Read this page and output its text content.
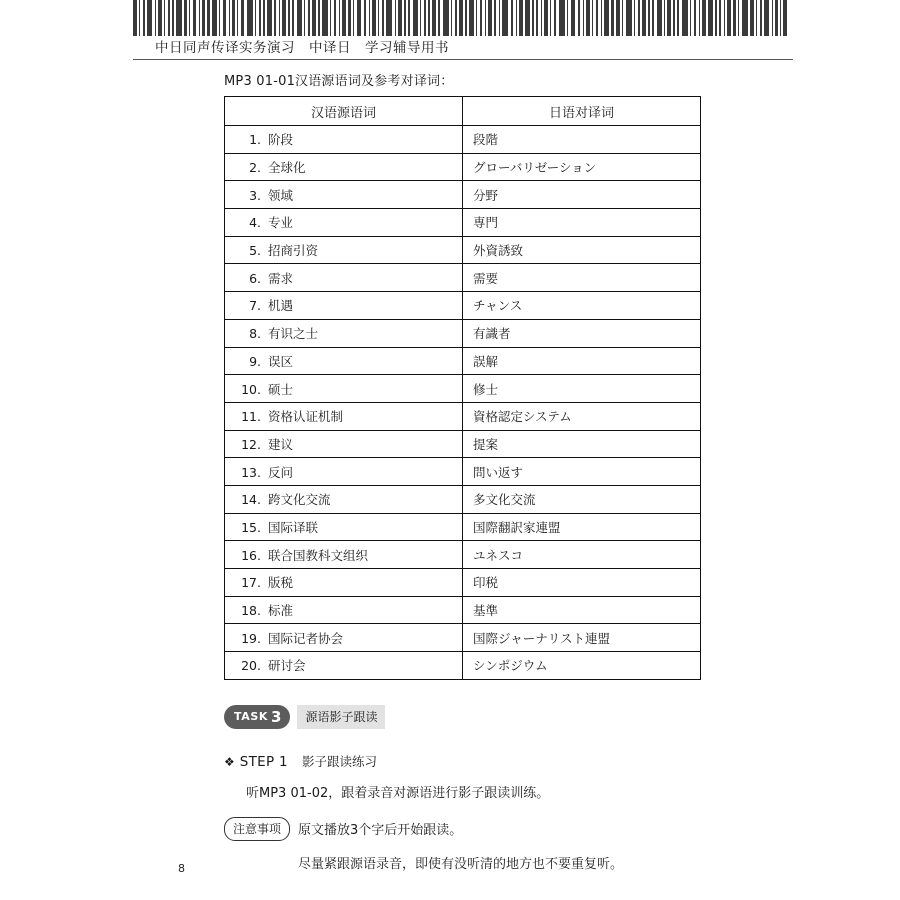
中日同声传译实务演习　中译日　学习辅导用书

MP3 01-01汉语源语词及参考对译词：

汉语源语词	日语对译词
1. 阶段	段階
2. 全球化	グローバリゼーション
3. 领域	分野
4. 专业	専門
5. 招商引资	外資誘致
6. 需求	需要
7. 机遇	チャンス
8. 有识之士	有識者
9. 误区	誤解
10. 硕士	修士
11. 资格认证机制	資格認定システム
12. 建议	提案
13. 反问	問い返す
14. 跨文化交流	多文化交流
15. 国际译联	国際翻訳家連盟
16. 联合国教科文组织	ユネスコ
17. 版税	印税
18. 标准	基準
19. 国际记者协会	国際ジャーナリスト連盟
20. 研讨会	シンポジウム
TASK 3	源语影子跟读
❖ STEP 1 影子跟读练习
听MP3 01-02，跟着录音对源语进行影子跟读训练。
注意事项	原文播放3个字后开始跟读。
尽量紧跟源语录音，即使有没听清的地方也不要重复听。
8
